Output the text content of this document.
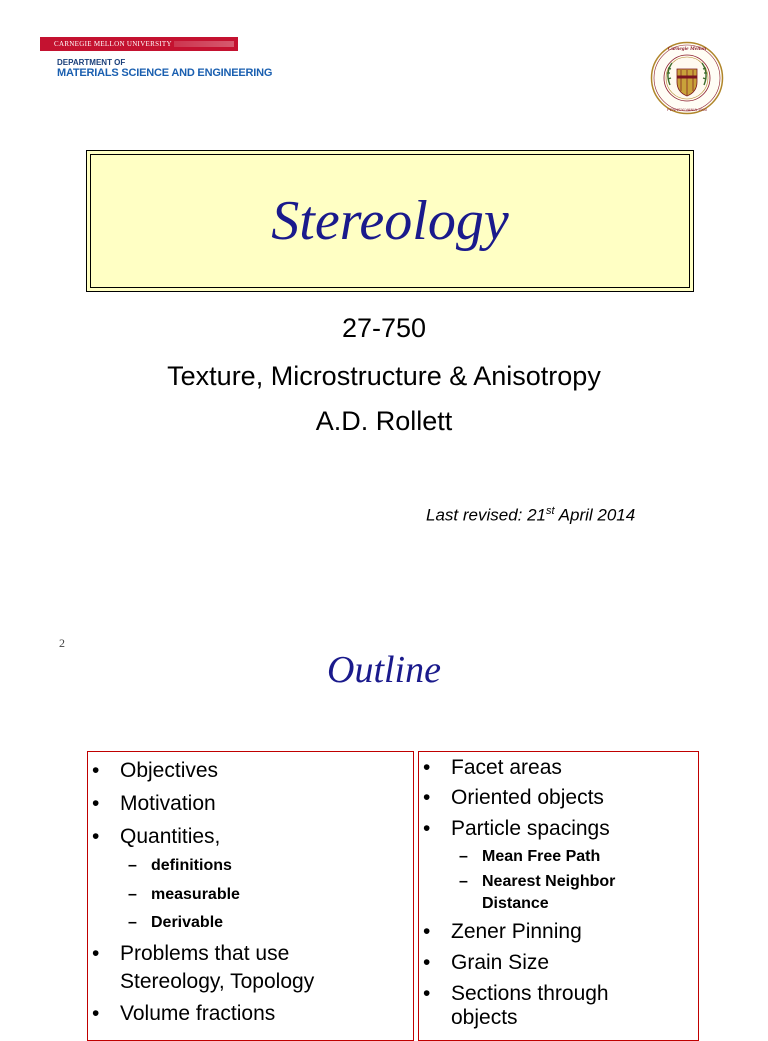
CARNEGIE MELLON UNIVERSITY
DEPARTMENT OF
MATERIALS SCIENCE AND ENGINEERING
Carnegie Mellon
PENNSYLVANIA 1900
Stereology
27-750
Texture, Microstructure & Anisotropy
A.D. Rollett
Last revised: 21st April 2014
2
Outline
• Objectives
• Motivation
• Quantities,
– definitions
– measurable
– Derivable
• Problems that use
Stereology, Topology
• Volume fractions
• Facet areas
• Oriented objects
• Particle spacings
– Mean Free Path
– Nearest Neighbor
Distance
• Zener Pinning
• Grain Size
• Sections through
objects
